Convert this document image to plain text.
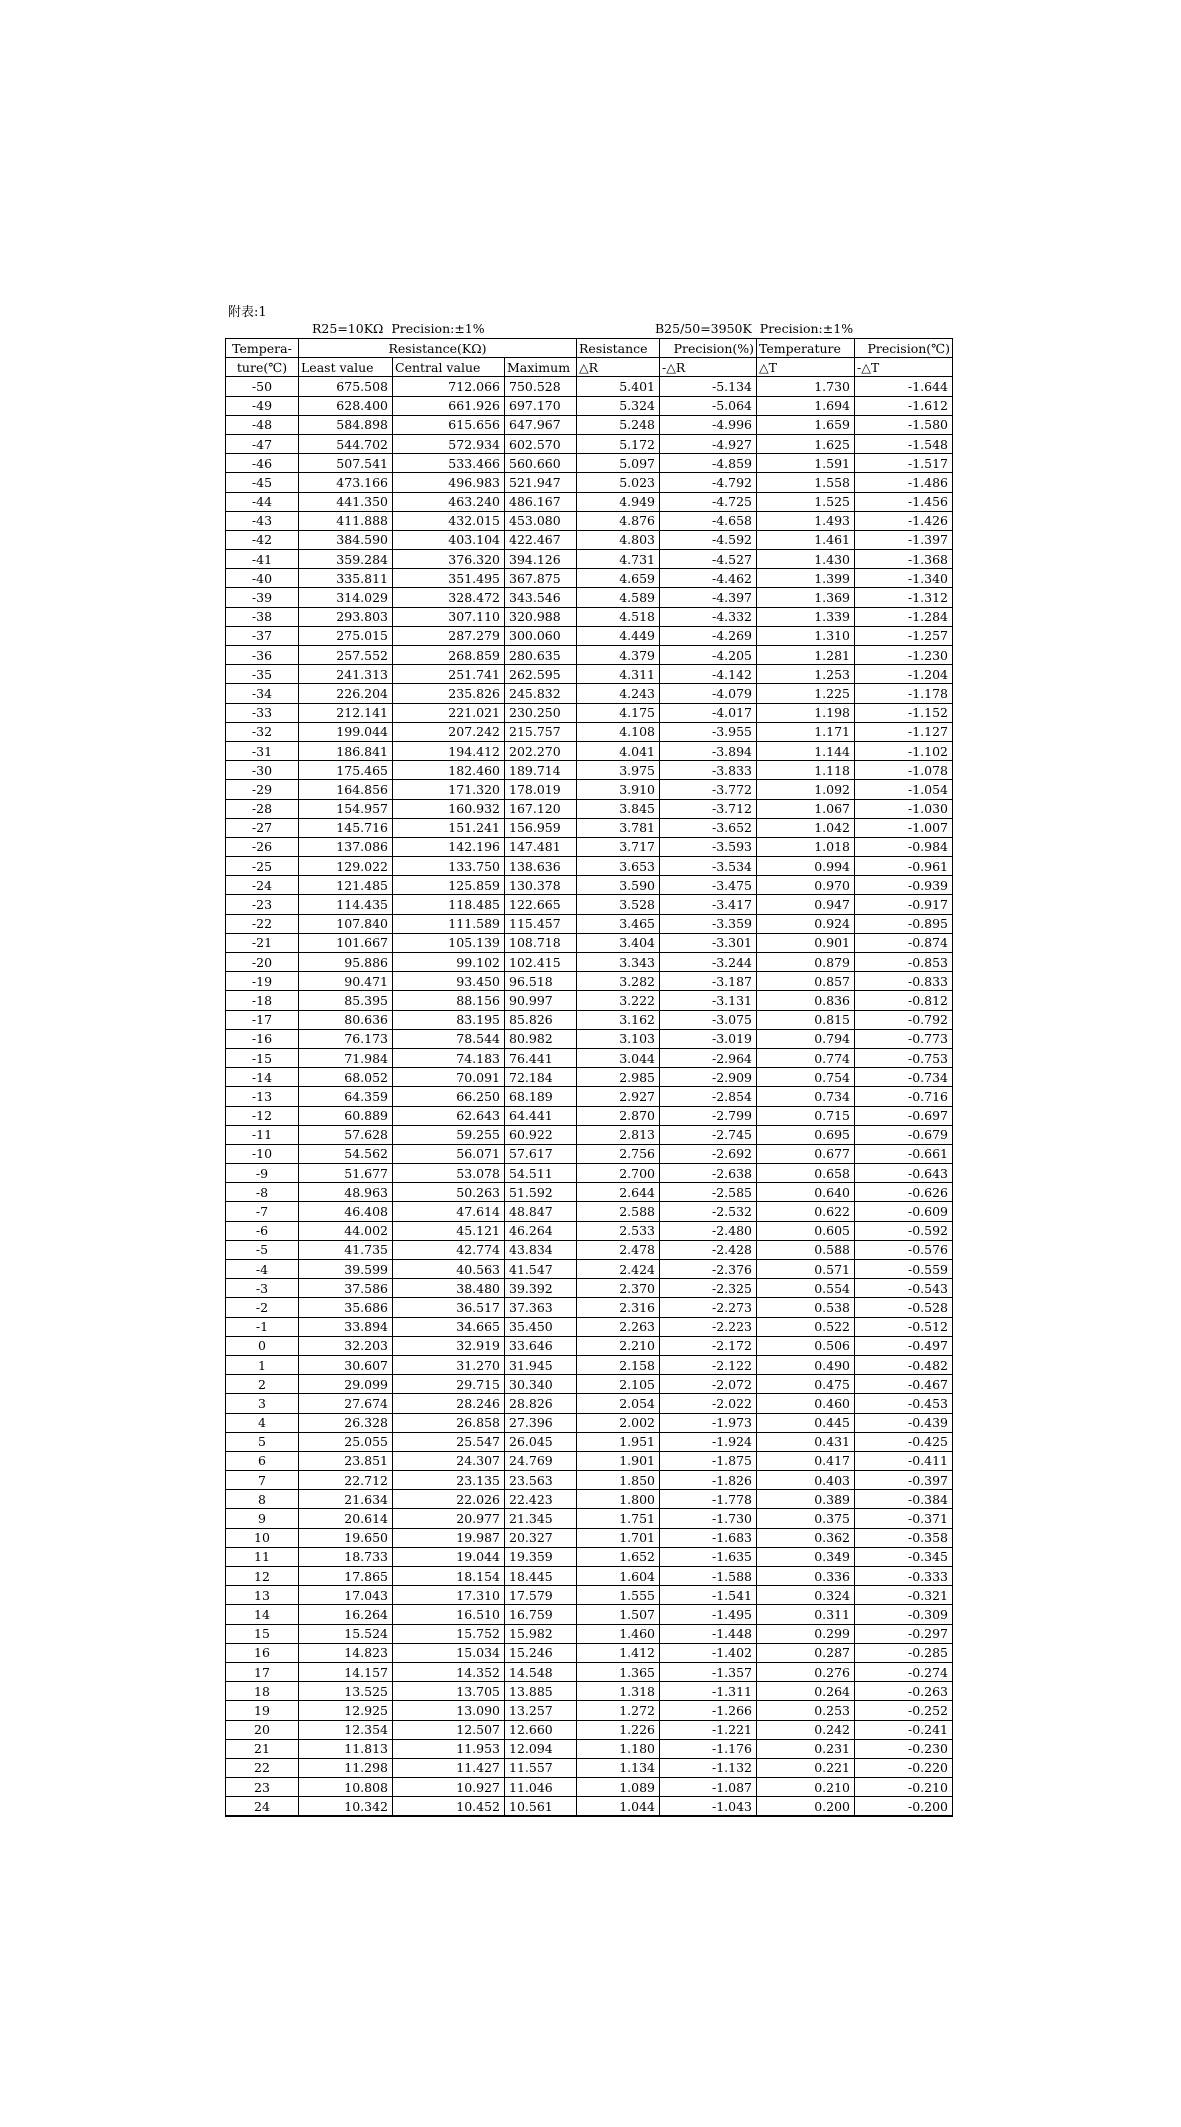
附表:1
R25=10KΩ  Precision:±1%	B25/50=3950K  Precision:±1%
Tempera-	Resistance(KΩ)			Resistance	Precision(%)	Temperature	Precision(℃)
ture(℃)	Least value	Central value	Maximum	△R	-△R	△T	-△T
-50	675.508	712.066	750.528	5.401	-5.134	1.730	-1.644
-49	628.400	661.926	697.170	5.324	-5.064	1.694	-1.612
-48	584.898	615.656	647.967	5.248	-4.996	1.659	-1.580
-47	544.702	572.934	602.570	5.172	-4.927	1.625	-1.548
-46	507.541	533.466	560.660	5.097	-4.859	1.591	-1.517
-45	473.166	496.983	521.947	5.023	-4.792	1.558	-1.486
-44	441.350	463.240	486.167	4.949	-4.725	1.525	-1.456
-43	411.888	432.015	453.080	4.876	-4.658	1.493	-1.426
-42	384.590	403.104	422.467	4.803	-4.592	1.461	-1.397
-41	359.284	376.320	394.126	4.731	-4.527	1.430	-1.368
-40	335.811	351.495	367.875	4.659	-4.462	1.399	-1.340
-39	314.029	328.472	343.546	4.589	-4.397	1.369	-1.312
-38	293.803	307.110	320.988	4.518	-4.332	1.339	-1.284
-37	275.015	287.279	300.060	4.449	-4.269	1.310	-1.257
-36	257.552	268.859	280.635	4.379	-4.205	1.281	-1.230
-35	241.313	251.741	262.595	4.311	-4.142	1.253	-1.204
-34	226.204	235.826	245.832	4.243	-4.079	1.225	-1.178
-33	212.141	221.021	230.250	4.175	-4.017	1.198	-1.152
-32	199.044	207.242	215.757	4.108	-3.955	1.171	-1.127
-31	186.841	194.412	202.270	4.041	-3.894	1.144	-1.102
-30	175.465	182.460	189.714	3.975	-3.833	1.118	-1.078
-29	164.856	171.320	178.019	3.910	-3.772	1.092	-1.054
-28	154.957	160.932	167.120	3.845	-3.712	1.067	-1.030
-27	145.716	151.241	156.959	3.781	-3.652	1.042	-1.007
-26	137.086	142.196	147.481	3.717	-3.593	1.018	-0.984
-25	129.022	133.750	138.636	3.653	-3.534	0.994	-0.961
-24	121.485	125.859	130.378	3.590	-3.475	0.970	-0.939
-23	114.435	118.485	122.665	3.528	-3.417	0.947	-0.917
-22	107.840	111.589	115.457	3.465	-3.359	0.924	-0.895
-21	101.667	105.139	108.718	3.404	-3.301	0.901	-0.874
-20	95.886	99.102	102.415	3.343	-3.244	0.879	-0.853
-19	90.471	93.450	96.518	3.282	-3.187	0.857	-0.833
-18	85.395	88.156	90.997	3.222	-3.131	0.836	-0.812
-17	80.636	83.195	85.826	3.162	-3.075	0.815	-0.792
-16	76.173	78.544	80.982	3.103	-3.019	0.794	-0.773
-15	71.984	74.183	76.441	3.044	-2.964	0.774	-0.753
-14	68.052	70.091	72.184	2.985	-2.909	0.754	-0.734
-13	64.359	66.250	68.189	2.927	-2.854	0.734	-0.716
-12	60.889	62.643	64.441	2.870	-2.799	0.715	-0.697
-11	57.628	59.255	60.922	2.813	-2.745	0.695	-0.679
-10	54.562	56.071	57.617	2.756	-2.692	0.677	-0.661
-9	51.677	53.078	54.511	2.700	-2.638	0.658	-0.643
-8	48.963	50.263	51.592	2.644	-2.585	0.640	-0.626
-7	46.408	47.614	48.847	2.588	-2.532	0.622	-0.609
-6	44.002	45.121	46.264	2.533	-2.480	0.605	-0.592
-5	41.735	42.774	43.834	2.478	-2.428	0.588	-0.576
-4	39.599	40.563	41.547	2.424	-2.376	0.571	-0.559
-3	37.586	38.480	39.392	2.370	-2.325	0.554	-0.543
-2	35.686	36.517	37.363	2.316	-2.273	0.538	-0.528
-1	33.894	34.665	35.450	2.263	-2.223	0.522	-0.512
0	32.203	32.919	33.646	2.210	-2.172	0.506	-0.497
1	30.607	31.270	31.945	2.158	-2.122	0.490	-0.482
2	29.099	29.715	30.340	2.105	-2.072	0.475	-0.467
3	27.674	28.246	28.826	2.054	-2.022	0.460	-0.453
4	26.328	26.858	27.396	2.002	-1.973	0.445	-0.439
5	25.055	25.547	26.045	1.951	-1.924	0.431	-0.425
6	23.851	24.307	24.769	1.901	-1.875	0.417	-0.411
7	22.712	23.135	23.563	1.850	-1.826	0.403	-0.397
8	21.634	22.026	22.423	1.800	-1.778	0.389	-0.384
9	20.614	20.977	21.345	1.751	-1.730	0.375	-0.371
10	19.650	19.987	20.327	1.701	-1.683	0.362	-0.358
11	18.733	19.044	19.359	1.652	-1.635	0.349	-0.345
12	17.865	18.154	18.445	1.604	-1.588	0.336	-0.333
13	17.043	17.310	17.579	1.555	-1.541	0.324	-0.321
14	16.264	16.510	16.759	1.507	-1.495	0.311	-0.309
15	15.524	15.752	15.982	1.460	-1.448	0.299	-0.297
16	14.823	15.034	15.246	1.412	-1.402	0.287	-0.285
17	14.157	14.352	14.548	1.365	-1.357	0.276	-0.274
18	13.525	13.705	13.885	1.318	-1.311	0.264	-0.263
19	12.925	13.090	13.257	1.272	-1.266	0.253	-0.252
20	12.354	12.507	12.660	1.226	-1.221	0.242	-0.241
21	11.813	11.953	12.094	1.180	-1.176	0.231	-0.230
22	11.298	11.427	11.557	1.134	-1.132	0.221	-0.220
23	10.808	10.927	11.046	1.089	-1.087	0.210	-0.210
24	10.342	10.452	10.561	1.044	-1.043	0.200	-0.200
